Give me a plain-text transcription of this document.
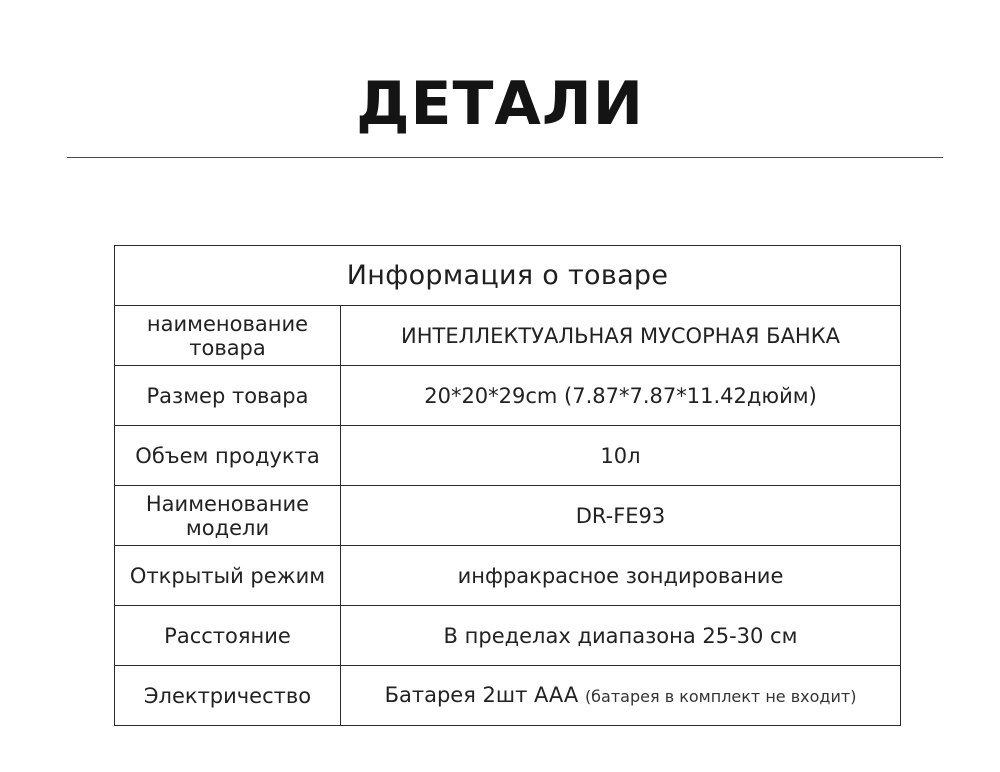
ДЕТАЛИ
Информация о товаре	
наименование товара	ИНТЕЛЛЕКТУАЛЬНАЯ МУСОРНАЯ БАНКА
Размер товара	20*20*29cm (7.87*7.87*11.42дюйм)
Объем продукта	10л
Наименование модели	DR-FE93
Открытый режим	инфракрасное зондирование
Расстояние	В пределах диапазона 25-30 см
Электричество	Батарея 2шт AAA (батарея в комплект не входит)
